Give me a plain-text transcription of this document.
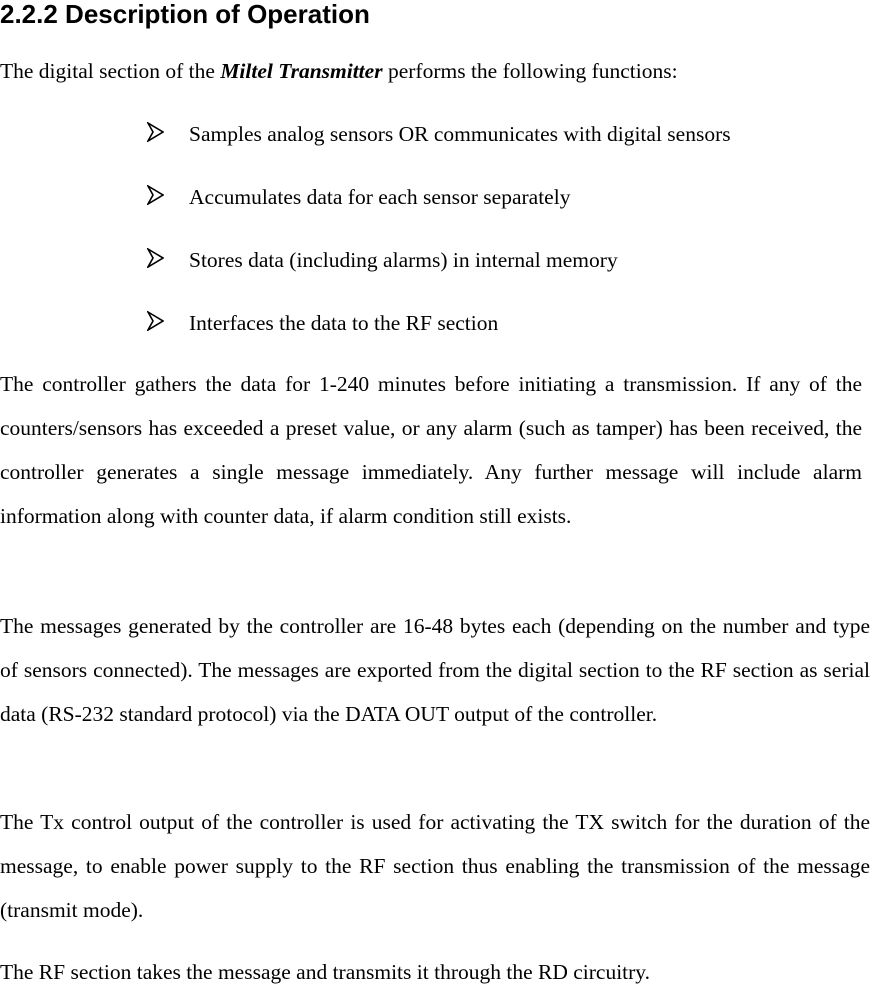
2.2.2 Description of Operation

The digital section of the Miltel Transmitter performs the following functions:

Samples analog sensors OR communicates with digital sensors
Accumulates data for each sensor separately
Stores data (including alarms) in internal memory
Interfaces the data to the RF section

The controller gathers the data for 1-240 minutes before initiating a transmission. If any of the counters/sensors has exceeded a preset value, or any alarm (such as tamper) has been received, the controller generates a single message immediately. Any further message will include alarm information along with counter data, if alarm condition still exists.

The messages generated by the controller are 16-48 bytes each (depending on the number and type of sensors connected). The messages are exported from the digital section to the RF section as serial data (RS-232 standard protocol) via the DATA OUT output of the controller.

The Tx control output of the controller is used for activating the TX switch for the duration of the message, to enable power supply to the RF section thus enabling the transmission of the message (transmit mode).

The RF section takes the message and transmits it through the RD circuitry.
